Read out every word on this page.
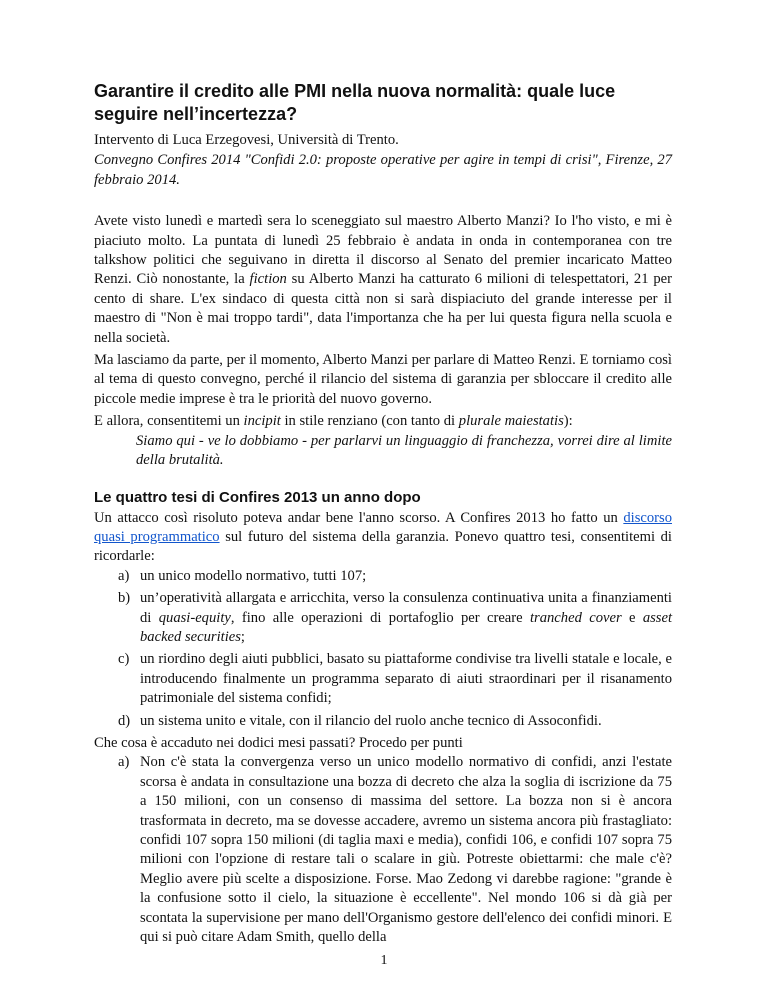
Garantire il credito alle PMI nella nuova normalità: quale luce seguire nell’incertezza?

Intervento di Luca Erzegovesi, Università di Trento.

Convegno Confires 2014 "Confidi 2.0: proposte operative per agire in tempi di crisi", Firenze, 27 febbraio 2014.

Avete visto lunedì e martedì sera lo sceneggiato sul maestro Alberto Manzi? Io l'ho visto, e mi è piaciuto molto. La puntata di lunedì 25 febbraio è andata in onda in contemporanea con tre talkshow politici che seguivano in diretta il discorso al Senato del premier incaricato Matteo Renzi. Ciò nonostante, la fiction su Alberto Manzi ha catturato 6 milioni di telespettatori, 21 per cento di share. L'ex sindaco di questa città non si sarà dispiaciuto del grande interesse per il maestro di "Non è mai troppo tardi", data l'importanza che ha per lui questa figura nella scuola e nella società.

Ma lasciamo da parte, per il momento, Alberto Manzi per parlare di Matteo Renzi. E torniamo così al tema di questo convegno, perché il rilancio del sistema di garanzia per sbloccare il credito alle piccole medie imprese è tra le priorità del nuovo governo.

E allora, consentitemi un incipit in stile renziano (con tanto di plurale maiestatis):

Siamo qui - ve lo dobbiamo - per parlarvi un linguaggio di franchezza, vorrei dire al limite della brutalità.

Le quattro tesi di Confires 2013 un anno dopo

Un attacco così risoluto poteva andar bene l'anno scorso. A Confires 2013 ho fatto un discorso quasi programmatico sul futuro del sistema della garanzia. Ponevo quattro tesi, consentitemi di ricordarle:

a) un unico modello normativo, tutti 107;
b) un’operatività allargata e arricchita, verso la consulenza continuativa unita a finanziamenti di quasi-equity, fino alle operazioni di portafoglio per creare tranched cover e asset backed securities;
c) un riordino degli aiuti pubblici, basato su piattaforme condivise tra livelli statale e locale, e introducendo finalmente un programma separato di aiuti straordinari per il risanamento patrimoniale del sistema confidi;
d) un sistema unito e vitale, con il rilancio del ruolo anche tecnico di Assoconfidi.

Che cosa è accaduto nei dodici mesi passati? Procedo per punti

a) Non c'è stata la convergenza verso un unico modello normativo di confidi, anzi l'estate scorsa è andata in consultazione una bozza di decreto che alza la soglia di iscrizione da 75 a 150 milioni, con un consenso di massima del settore. La bozza non si è ancora trasformata in decreto, ma se dovesse accadere, avremo un sistema ancora più frastagliato: confidi 107 sopra 150 milioni (di taglia maxi e media), confidi 106, e confidi 107 sopra 75 milioni con l'opzione di restare tali o scalare in giù. Potreste obiettarmi: che male c'è? Meglio avere più scelte a disposizione. Forse. Mao Zedong vi darebbe ragione: "grande è la confusione sotto il cielo, la situazione è eccellente". Nel mondo 106 si dà già per scontata la supervisione per mano dell'Organismo gestore dell'elenco dei confidi minori. E qui si può citare Adam Smith, quello della
1
